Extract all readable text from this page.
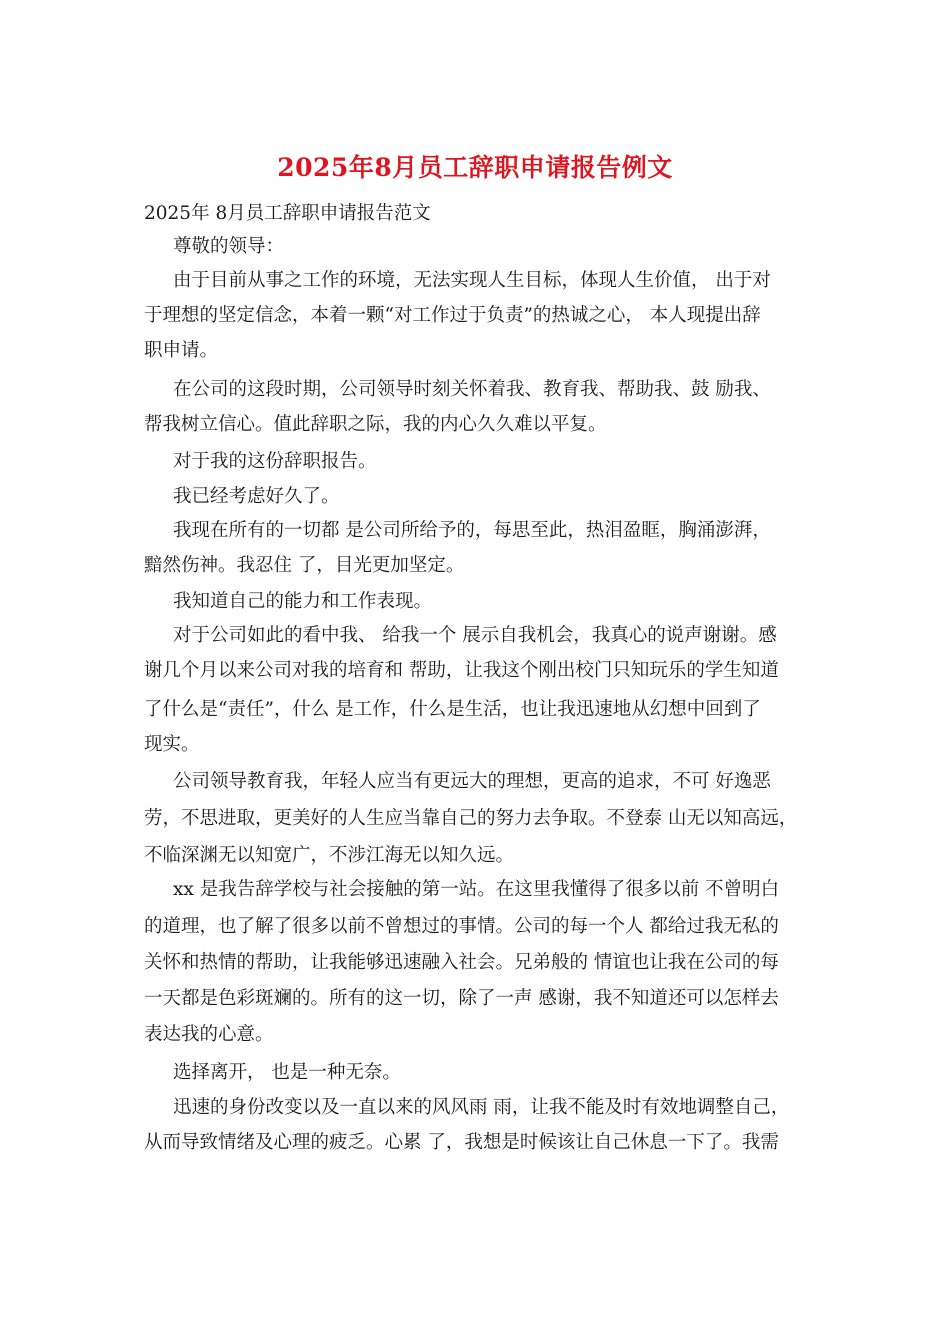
2025年8月员工辞职申请报告例文
2025年 8月员工辞职申请报告范文
尊敬的领导：
由于目前从事之工作的环境，无法实现人生目标，体现人生价值， 出于对
于理想的坚定信念，本着一颗“对工作过于负责”的热诚之心， 本人现提出辞
职申请。
在公司的这段时期，公司领导时刻关怀着我、教育我、帮助我、鼓 励我、
帮我树立信心。值此辞职之际，我的内心久久难以平复。
对于我的这份辞职报告。
我已经考虑好久了。
我现在所有的一切都 是公司所给予的，每思至此，热泪盈眶，胸涌澎湃，
黯然伤神。我忍住 了，目光更加坚定。
我知道自己的能力和工作表现。
对于公司如此的看中我、 给我一个 展示自我机会，我真心的说声谢谢。感
谢几个月以来公司对我的培育和 帮助，让我这个刚出校门只知玩乐的学生知道
了什么是“责任”，什么 是工作，什么是生活，也让我迅速地从幻想中回到了
现实。
公司领导教育我，年轻人应当有更远大的理想，更高的追求，不可 好逸恶
劳，不思进取，更美好的人生应当靠自己的努力去争取。不登泰 山无以知高远，
不临深渊无以知宽广，不涉江海无以知久远。
xx 是我告辞学校与社会接触的第一站。在这里我懂得了很多以前 不曾明白
的道理，也了解了很多以前不曾想过的事情。公司的每一个人 都给过我无私的
关怀和热情的帮助，让我能够迅速融入社会。兄弟般的 情谊也让我在公司的每
一天都是色彩斑斓的。所有的这一切，除了一声 感谢，我不知道还可以怎样去
表达我的心意。
选择离开， 也是一种无奈。
迅速的身份改变以及一直以来的风风雨 雨，让我不能及时有效地调整自己，
从而导致情绪及心理的疲乏。心累 了，我想是时候该让自己休息一下了。我需
